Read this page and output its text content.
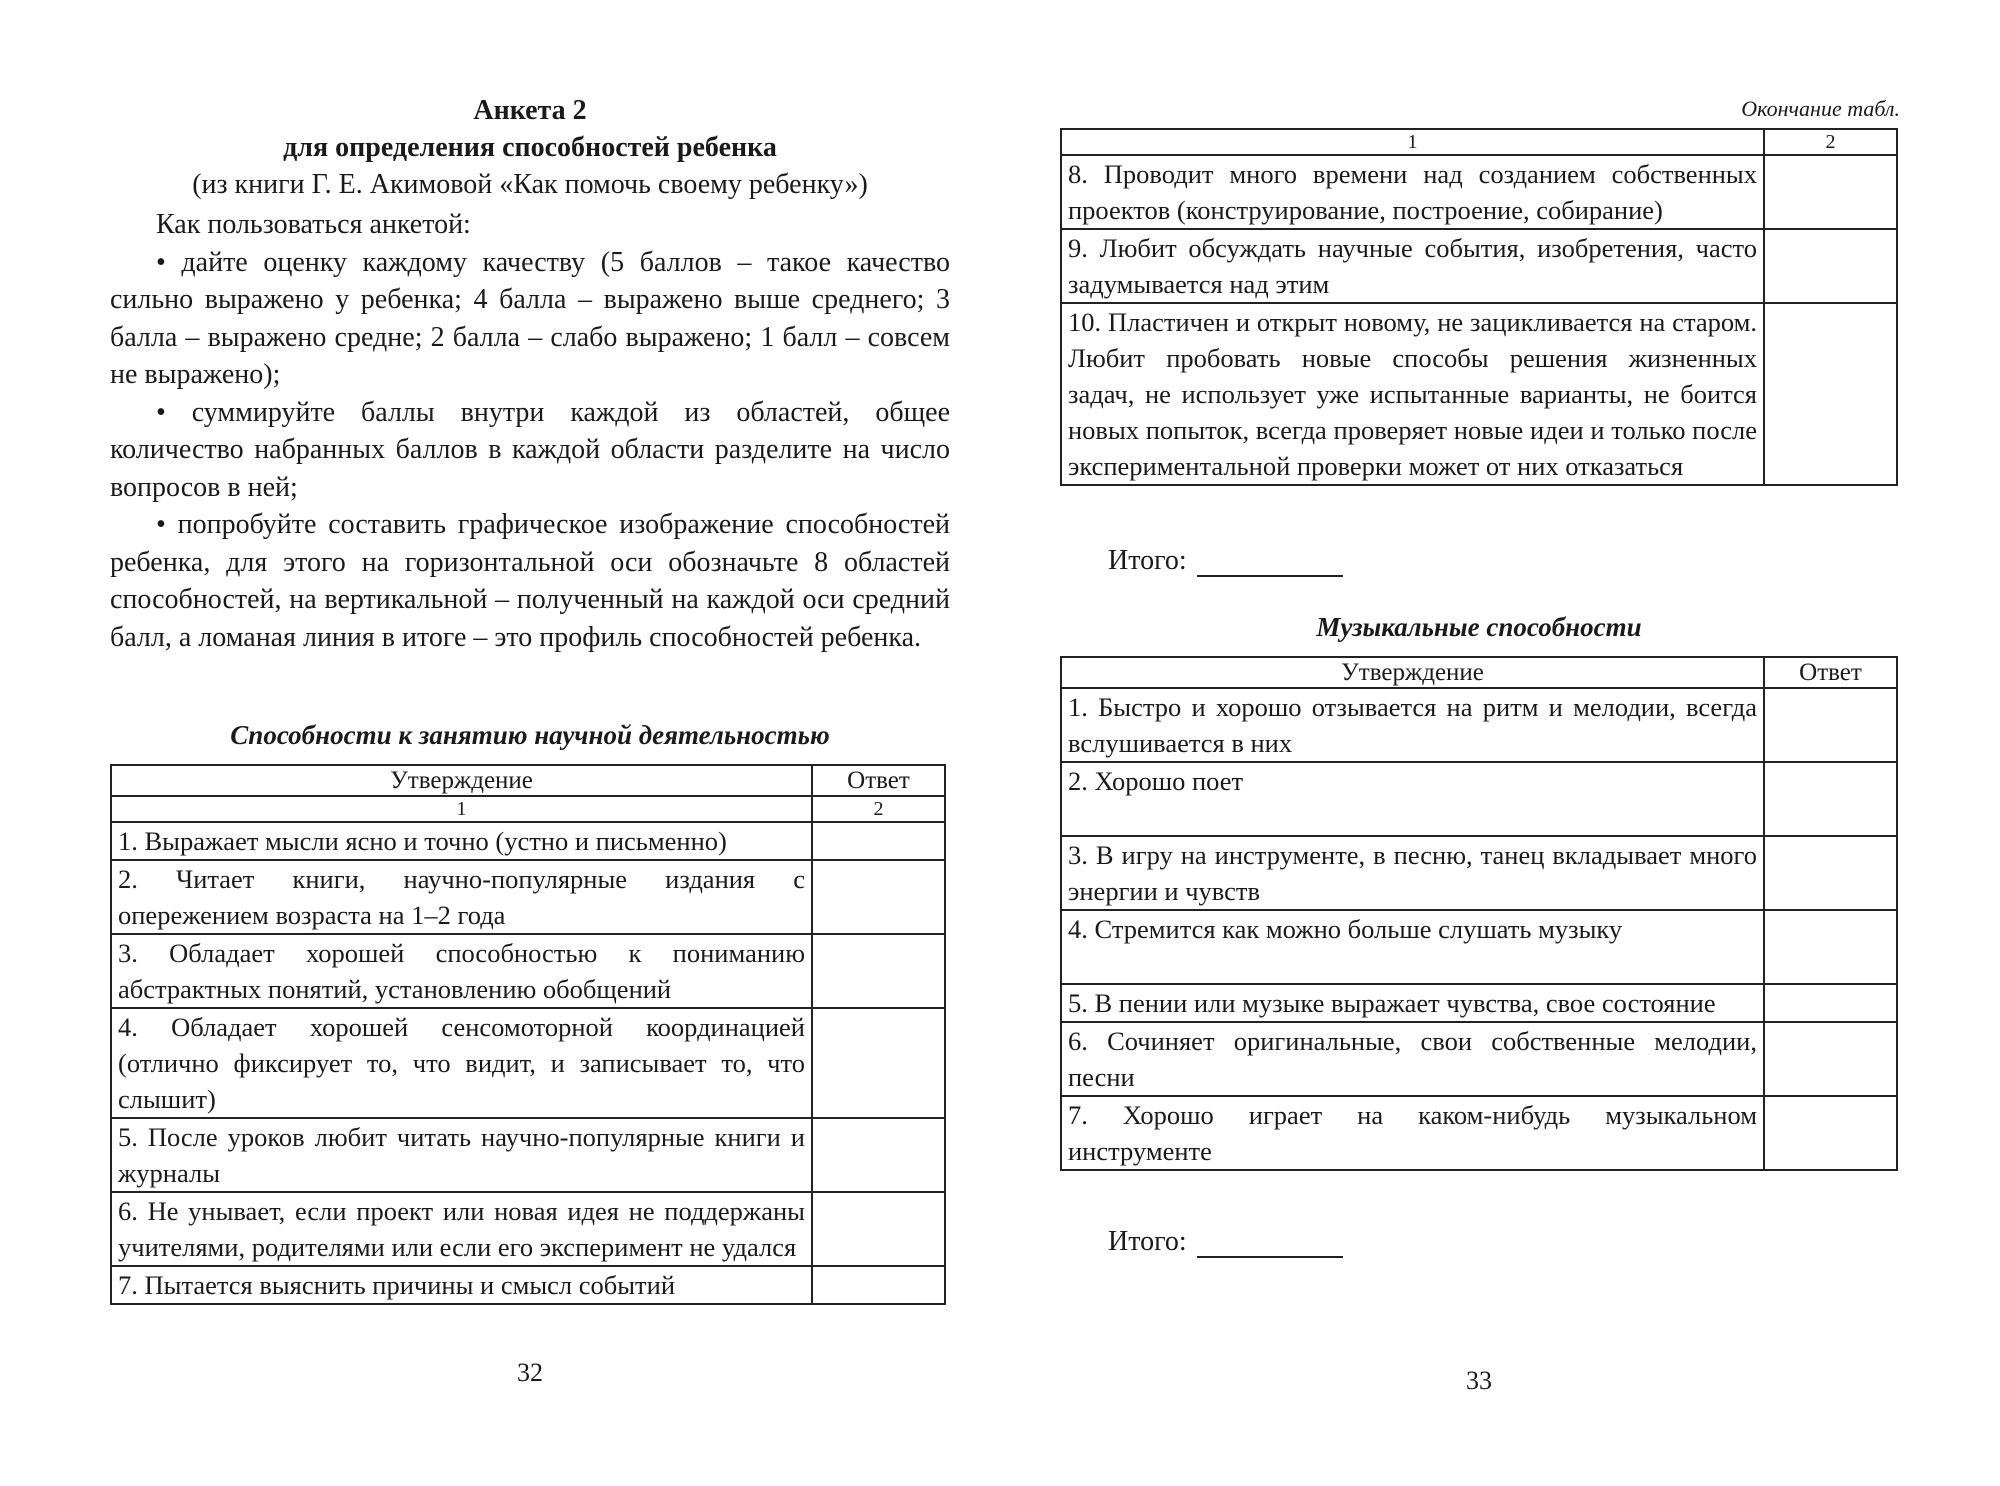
Анкета 2
для определения способностей ребенка
(из книги Г. Е. Акимовой «Как помочь своему ребенку»)

Как пользоваться анкетой:

• дайте оценку каждому качеству (5 баллов – такое качество сильно выражено у ребенка; 4 балла – выражено выше среднего; 3 балла – выражено средне; 2 балла – слабо выражено; 1 балл – совсем не выражено);

• суммируйте баллы внутри каждой из областей, общее количество набранных баллов в каждой области разделите на число вопросов в ней;

• попробуйте составить графическое изображение способностей ребенка, для этого на горизонтальной оси обозначьте 8 областей способностей, на вертикальной – полученный на каждой оси средний балл, а ломаная линия в итоге – это профиль способностей ребенка.

Способности к занятию научной деятельностью
Утверждение	Ответ
1	2
1. Выражает мысли ясно и точно (устно и письменно)	
2. Читает книги, научно-популярные издания с опережением возраста на 1–2 года	
3. Обладает хорошей способностью к пониманию абстрактных понятий, установлению обобщений	
4. Обладает хорошей сенсомоторной координацией (отлично фиксирует то, что видит, и записывает то, что слышит)	
5. После уроков любит читать научно-популярные книги и журналы	
6. Не унывает, если проект или новая идея не поддержаны учителями, родителями или если его эксперимент не удался	
7. Пытается выяснить причины и смысл событий	
32
Окончание табл.
1	2
8. Проводит много времени над созданием собственных проектов (конструирование, построение, собирание)	
9. Любит обсуждать научные события, изобретения, часто задумывается над этим	
10. Пластичен и открыт новому, не зацикливается на старом. Любит пробовать новые способы решения жизненных задач, не использует уже испытанные варианты, не боится новых попыток, всегда проверяет новые идеи и только после экспериментальной проверки может от них отказаться	
Итого:
Музыкальные способности
Утверждение	Ответ
1. Быстро и хорошо отзывается на ритм и мелодии, всегда вслушивается в них	
2. Хорошо поет	
3. В игру на инструменте, в песню, танец вкладывает много энергии и чувств	
4. Стремится как можно больше слушать музыку	
5. В пении или музыке выражает чувства, свое состояние	
6. Сочиняет оригинальные, свои собственные мелодии, песни	
7. Хорошо играет на каком-нибудь музыкальном инструменте	
Итого:
33
